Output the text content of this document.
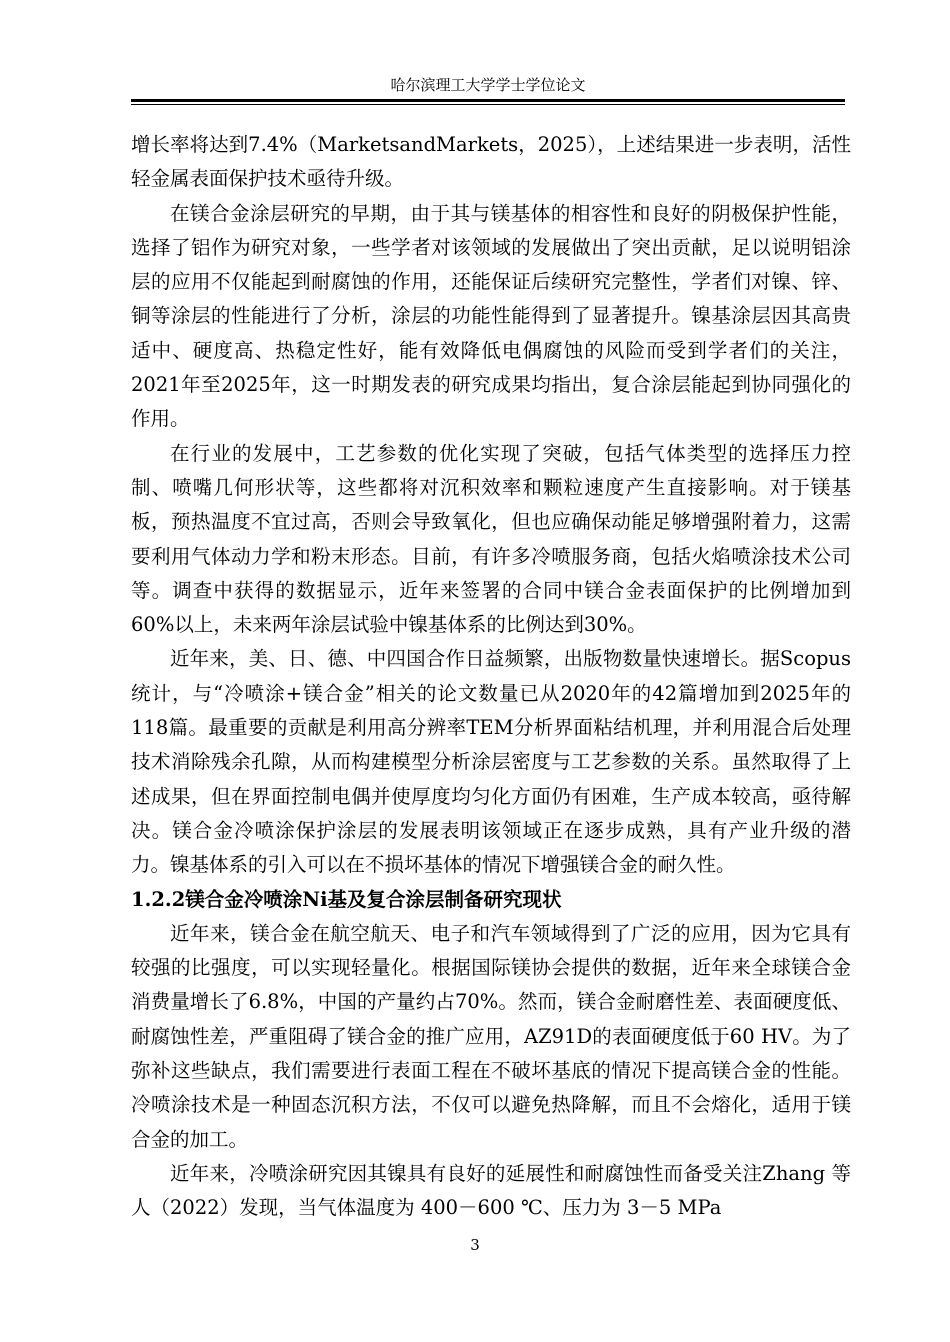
哈尔滨理工大学学士学位论文

增长率将达到7.4%（MarketsandMarkets，2025），上述结果进一步表明，活性轻金属表面保护技术亟待升级。

在镁合金涂层研究的早期，由于其与镁基体的相容性和良好的阴极保护性能，选择了铝作为研究对象，一些学者对该领域的发展做出了突出贡献，足以说明铝涂层的应用不仅能起到耐腐蚀的作用，还能保证后续研究完整性，学者们对镍、锌、铜等涂层的性能进行了分析，涂层的功能性能得到了显著提升。镍基涂层因其高贵适中、硬度高、热稳定性好，能有效降低电偶腐蚀的风险而受到学者们的关注，2021年至2025年，这一时期发表的研究成果均指出，复合涂层能起到协同强化的作用。

在行业的发展中，工艺参数的优化实现了突破，包括气体类型的选择压力控制、喷嘴几何形状等，这些都将对沉积效率和颗粒速度产生直接影响。对于镁基板，预热温度不宜过高，否则会导致氧化，但也应确保动能足够增强附着力，这需要利用气体动力学和粉末形态。目前，有许多冷喷服务商，包括火焰喷涂技术公司等。调查中获得的数据显示，近年来签署的合同中镁合金表面保护的比例增加到60%以上，未来两年涂层试验中镍基体系的比例达到30%。

近年来，美、日、德、中四国合作日益频繁，出版物数量快速增长。据Scopus统计，与“冷喷涂+镁合金”相关的论文数量已从2020年的42篇增加到2025年的118篇。最重要的贡献是利用高分辨率TEM分析界面粘结机理，并利用混合后处理技术消除残余孔隙，从而构建模型分析涂层密度与工艺参数的关系。虽然取得了上述成果，但在界面控制电偶并使厚度均匀化方面仍有困难，生产成本较高，亟待解决。镁合金冷喷涂保护涂层的发展表明该领域正在逐步成熟，具有产业升级的潜力。镍基体系的引入可以在不损坏基体的情况下增强镁合金的耐久性。

1.2.2镁合金冷喷涂Ni基及复合涂层制备研究现状

近年来，镁合金在航空航天、电子和汽车领域得到了广泛的应用，因为它具有较强的比强度，可以实现轻量化。根据国际镁协会提供的数据，近年来全球镁合金消费量增长了6.8%，中国的产量约占70%。然而，镁合金耐磨性差、表面硬度低、耐腐蚀性差，严重阻碍了镁合金的推广应用，AZ91D的表面硬度低于60 HV。为了弥补这些缺点，我们需要进行表面工程在不破坏基底的情况下提高镁合金的性能。冷喷涂技术是一种固态沉积方法，不仅可以避免热降解，而且不会熔化，适用于镁合金的加工。

近年来，冷喷涂研究因其镍具有良好的延展性和耐腐蚀性而备受关注Zhang 等人（2022）发现，当气体温度为 400－600 ℃、压力为 3－5 MPa

3
